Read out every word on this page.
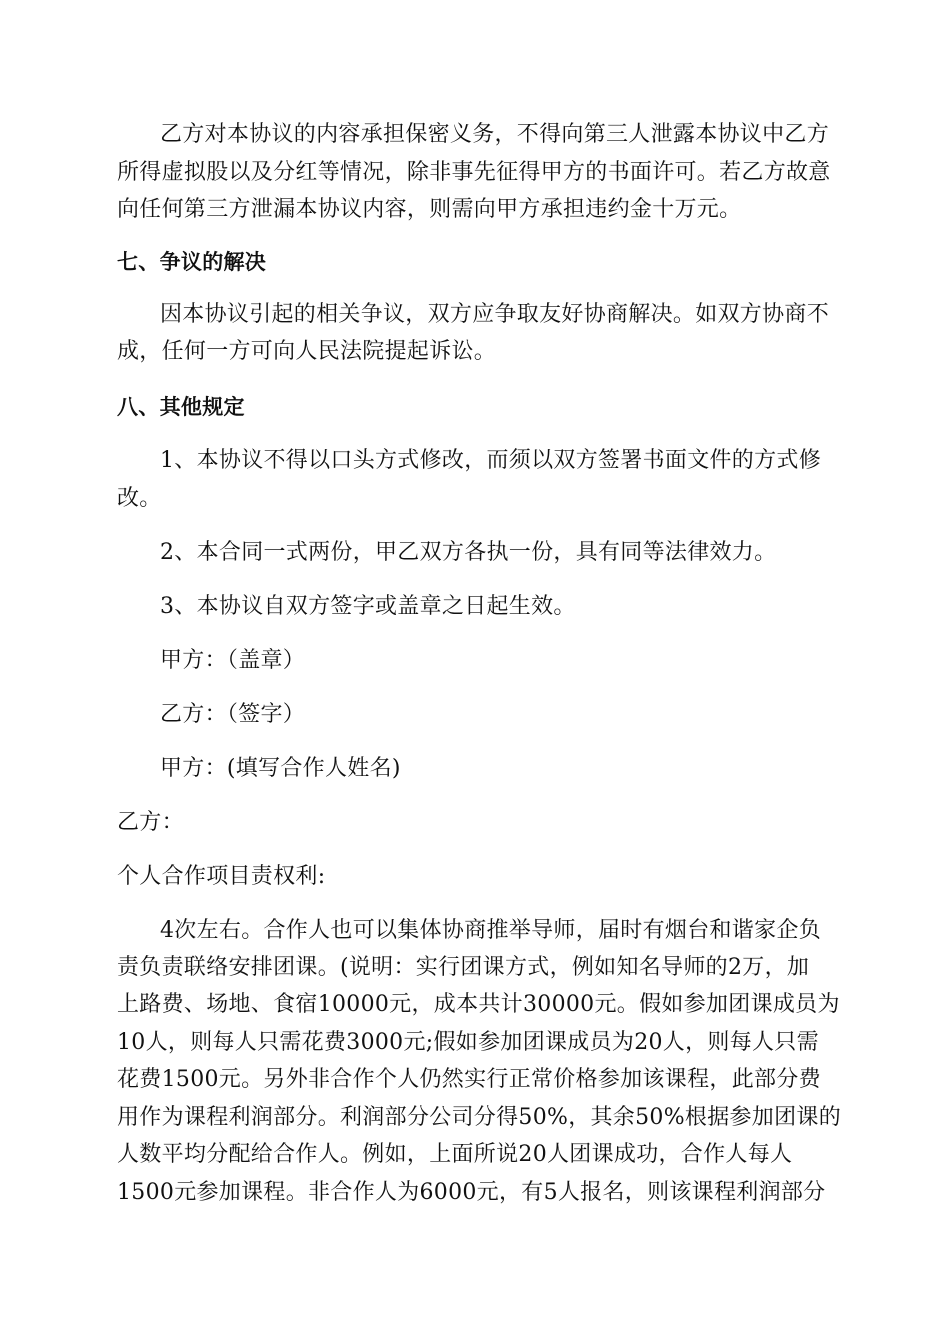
乙方对本协议的内容承担保密义务，不得向第三人泄露本协议中乙方
所得虚拟股以及分红等情况，除非事先征得甲方的书面许可。若乙方故意
向任何第三方泄漏本协议内容，则需向甲方承担违约金十万元。
七、争议的解决
因本协议引起的相关争议，双方应争取友好协商解决。如双方协商不
成，任何一方可向人民法院提起诉讼。
八、其他规定
1、本协议不得以口头方式修改，而须以双方签署书面文件的方式修
改。
2、本合同一式两份，甲乙双方各执一份，具有同等法律效力。
3、本协议自双方签字或盖章之日起生效。
甲方：（盖章）
乙方：（签字）
甲方：(填写合作人姓名)
乙方：
个人合作项目责权利:
4次左右。合作人也可以集体协商推举导师，届时有烟台和谐家企负
责负责联络安排团课。(说明：实行团课方式，例如知名导师的2万，加
上路费、场地、食宿10000元，成本共计30000元。假如参加团课成员为
10人，则每人只需花费3000元;假如参加团课成员为20人，则每人只需
花费1500元。另外非合作个人仍然实行正常价格参加该课程，此部分费
用作为课程利润部分。利润部分公司分得50%，其余50%根据参加团课的
人数平均分配给合作人。例如，上面所说20人团课成功，合作人每人
1500元参加课程。非合作人为6000元，有5人报名，则该课程利润部分
